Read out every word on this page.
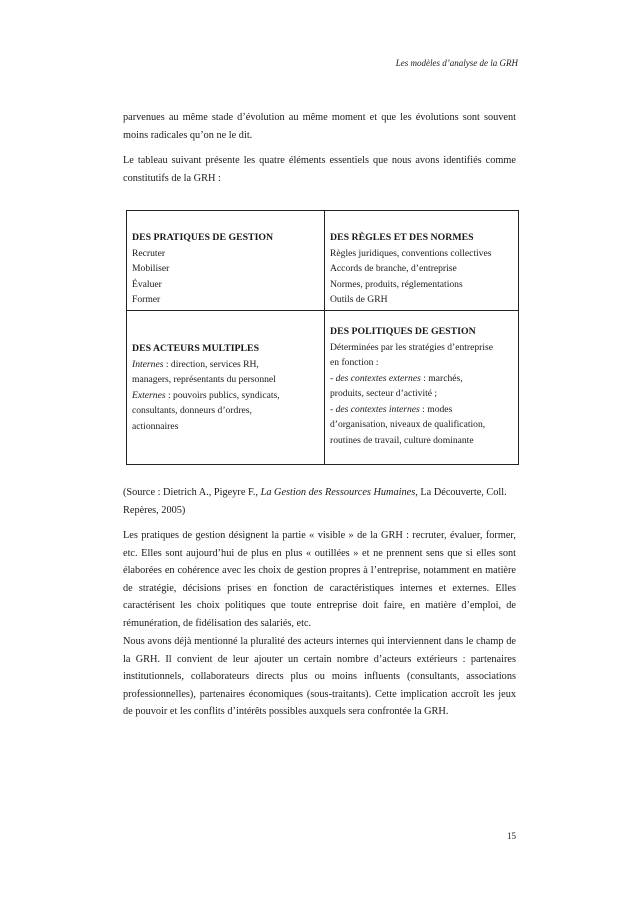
Les modèles d’analyse de la GRH

parvenues au même stade d’évolution au même moment et que les évolutions sont souvent moins radicales qu’on ne le dit.

Le tableau suivant présente les quatre éléments essentiels que nous avons identifiés comme constitutifs de la GRH :

DES PRATIQUES DE GESTION
Recruter
Mobiliser
Évaluer
Former
DES RÈGLES ET DES NORMES
Règles juridiques, conventions collectives
Accords de branche, d’entreprise
Normes, produits, réglementations
Outils de GRH
DES ACTEURS MULTIPLES
Internes : direction, services RH,
managers, représentants du personnel
Externes : pouvoirs publics, syndicats,
consultants, donneurs d’ordres,
actionnaires
DES POLITIQUES DE GESTION
Déterminées par les stratégies d’entreprise
en fonction :
- des contextes externes : marchés,
produits, secteur d’activité ;
- des contextes internes : modes
d’organisation, niveaux de qualification,
routines de travail, culture dominante
(Source : Dietrich A., Pigeyre F., La Gestion des Ressources Humaines, La Découverte, Coll. Repères, 2005)

Les pratiques de gestion désignent la partie « visible » de la GRH : recruter, évaluer, former, etc. Elles sont aujourd’hui de plus en plus « outillées » et ne prennent sens que si elles sont élaborées en cohérence avec les choix de gestion propres à l’entreprise, notamment en matière de stratégie, décisions prises en fonction de caractéristiques internes et externes. Elles caractérisent les choix politiques que toute entreprise doit faire, en matière d’emploi, de rémunération, de fidélisation des salariés, etc.

Nous avons déjà mentionné la pluralité des acteurs internes qui interviennent dans le champ de la GRH. Il convient de leur ajouter un certain nombre d’acteurs extérieurs : partenaires institutionnels, collaborateurs directs plus ou moins influents (consultants, associations professionnelles), partenaires économiques (sous-traitants). Cette implication accroît les jeux de pouvoir et les conflits d’intérêts possibles auxquels sera confrontée la GRH.

15
